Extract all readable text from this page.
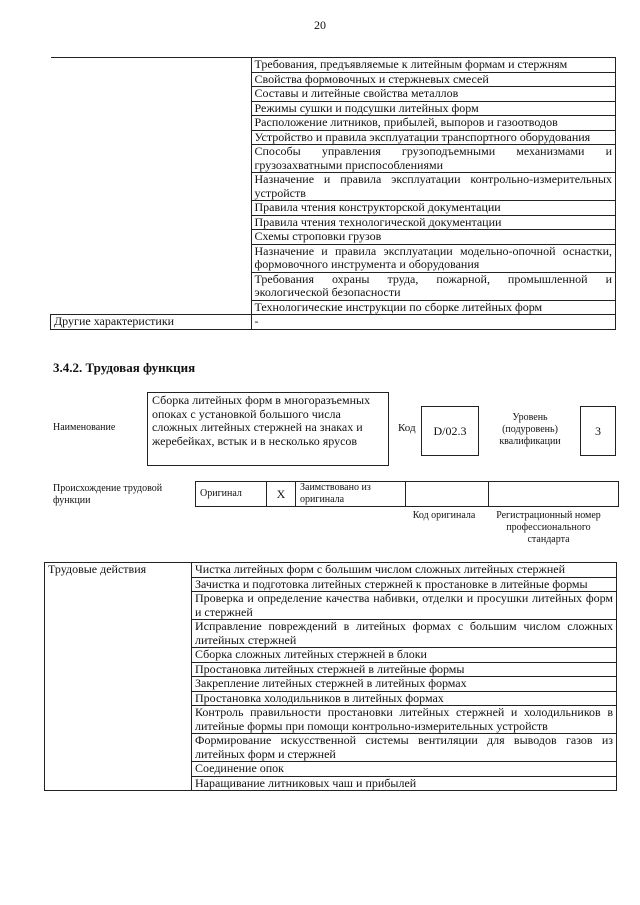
20
	Требования, предъявляемые к литейным формам и стержням
	Свойства формовочных и стержневых смесей
	Составы и литейные свойства металлов
	Режимы сушки и подсушки литейных форм
	Расположение литников, прибылей, выпоров и газоотводов
	Устройство и правила эксплуатации транспортного оборудования
	Способы управления грузоподъемными механизмами и грузозахватными приспособлениями
	Назначение и правила эксплуатации контрольно-измерительных устройств
	Правила чтения конструкторской документации
	Правила чтения технологической документации
	Схемы строповки грузов
	Назначение и правила эксплуатации модельно-опочной оснастки, формовочного инструмента и оборудования
	Требования охраны труда, пожарной, промышленной и экологической безопасности
	Технологические инструкции по сборке литейных форм
Другие характеристики	-
3.4.2. Трудовая функция
Наименование
Сборка литейных форм в многоразъемных опоках с установкой большого числа сложных литейных стержней на знаках и жеребейках, встык и в несколько ярусов
Код	D/02.3
Уровень (подуровень) квалификации
3
Происхождение трудовой функции
Оригинал	X	Заимствовано из оригинала		
Код оригинала	Регистрационный номер профессионального стандарта
Трудовые действия	Чистка литейных форм с большим числом сложных литейных стержней
Зачистка и подготовка литейных стержней к простановке в литейные формы
Проверка и определение качества набивки, отделки и просушки литейных форм и стержней
Исправление повреждений в литейных формах с большим числом сложных литейных стержней
Сборка сложных литейных стержней в блоки
Простановка литейных стержней в литейные формы
Закрепление литейных стержней в литейных формах
Простановка холодильников в литейных формах
Контроль правильности простановки литейных стержней и холодильников в литейные формы при помощи контрольно-измерительных устройств
Формирование искусственной системы вентиляции для выводов газов из литейных форм и стержней
Соединение опок
Наращивание литниковых чаш и прибылей
